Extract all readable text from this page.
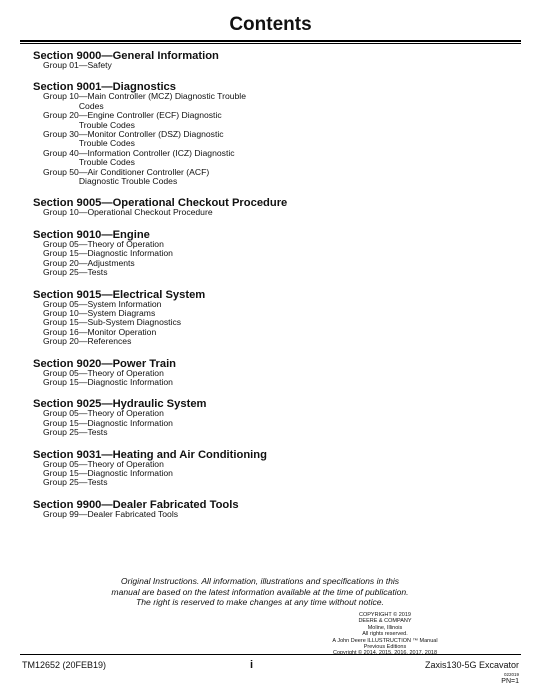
Contents
Section 9000 —General Information
Group 01 —Safety
Section 9001 —Diagnostics
Group 10 —Main Controller (MCZ) Diagnostic Trouble Codes
Group 20 —Engine Controller (ECF) Diagnostic Trouble Codes
Group 30 —Monitor Controller (DSZ) Diagnostic Trouble Codes
Group 40 —Information Controller (ICZ) Diagnostic Trouble Codes
Group 50 —Air Conditioner Controller (ACF) Diagnostic Trouble Codes
Section 9005 —Operational Checkout Procedure
Group 10 —Operational Checkout Procedure
Section 9010 —Engine
Group 05 —Theory of Operation
Group 15 —Diagnostic Information
Group 20 —Adjustments
Group 25 —Tests
Section 9015 —Electrical System
Group 05 —System Information
Group 10 —System Diagrams
Group 15 —Sub-System Diagnostics
Group 16 —Monitor Operation
Group 20 —References
Section 9020 —Power Train
Group 05 —Theory of Operation
Group 15 —Diagnostic Information
Section 9025 —Hydraulic System
Group 05 —Theory of Operation
Group 15 —Diagnostic Information
Group 25 —Tests
Section 9031 —Heating and Air Conditioning
Group 05 —Theory of Operation
Group 15 —Diagnostic Information
Group 25 —Tests
Section 9900 —Dealer Fabricated Tools
Group 99 —Dealer Fabricated Tools
Original Instructions. All information, illustrations and specifications in this
manual are based on the latest information available at the time of publication.
The right is reserved to make changes at any time without notice.
COPYRIGHT © 2019
DEERE & COMPANY
Moline, Illinois
All rights reserved.
A John Deere ILLUSTRUCTION ™ Manual
Previous Editions
Copyright © 2014, 2015, 2016, 2017, 2018
TM12652 (20FEB19)	i	Zaxis130-5G Excavator
022019
PN=1
